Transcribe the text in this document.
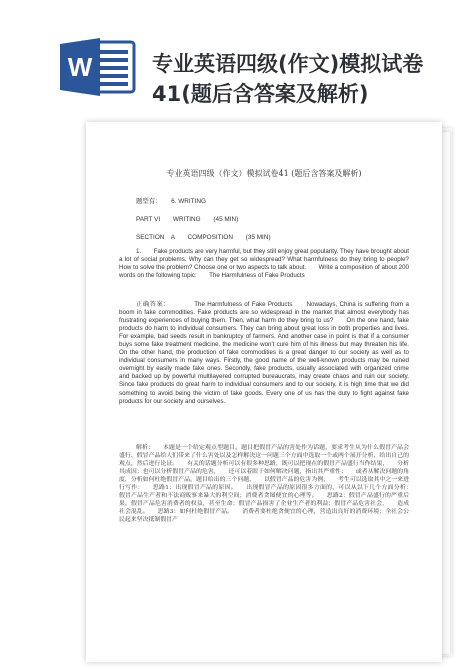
W	专业英语四级(作文)模拟试卷41(题后含答案及解析)
专业英语四级（作文）模拟试卷41 (题后含答案及解析)
题型有：　　6. WRITING
PART VI　　WRITING　　(45 MIN)
SECTION　A　　COMPOSITION　　(35 MIN)

1.　　Fake products are very harmful, but they still enjoy great popularity. They have brought about a lot of social problems. Why can they get so widespread? What harmfulness do they bring to people? How to solve the problem? Choose one or two aspects to talk about.　　Write a composition of about 200 words on the following topic:　　The Harmfulness of Fake Products

正确答案：　　　　The Harmfulness of Fake Products　　Nowadays, China is suffering from a boom in fake commodities. Fake products are so widespread in the market that almost everybody has frustrating experiences of buying them. Then, what harm do they bring to us?　　On the one hand, fake products do harm to individual consumers. They can bring about great loss in both properties and lives. For example, bad seeds result in bankruptcy of farmers. And another case in point is that if a consumer buys some fake treatment medicine, the medicine won't cure him of his illness but may threaten his life. On the other hand, the production of fake commodities is a great danger to our society as well as to individual consumers in many ways. Firstly, the good name of the well-known products may be ruined overnight by easily made fake ones. Secondly, fake products, usually associated with organized crime and backed up by powerful multilayered corrupted bureaucrats, may create chaos and ruin our society.　　Since fake products do great harm to individual consumers and to our society, it is high time that we did something to avoid being the victim of fake goods. Every one of us has the duty to fight against fake products for our society and ourselves.

解析：　　本题是一个给定观点型题目。题目把假冒产品的害处作为话题，要求考生从为什么假冒产品会盛行、假冒产品给人们带来了什么害处以及怎样解决这一问题三个方面中选取一个或两个展开分析，给出自己的观点，然后进行论证。　　有关的话题分析可以有很多种思路，既可以把现在的假冒产品盛行当作结果，　　分析其成因；也可以分析假冒产品的危害，　　还可以着眼于如何解决问题，指出其严重性；　　或者从解决问题的角度，分析如何杜绝假冒产品。题目给出的三个问题，　　以假冒产品的危害为例，　　考生可以选取其中之一来进行写作：　　思路1：出现假冒产品的原因。　　出现假冒产品的原因很多方面的，可以从以下几个方面分析：　　假冒产品生产者和不法商贩寥来暴大的利空间；消费者贪图便宜的心理等。　　思路2：假冒产品盛行的严重后果。假冒产品危害消费者的权益，甚至生命；假冒产品损害了企业生产者的利益；假冒产品危害社会，　　造成社会混乱。　　思路3：如何杜绝假冒产品。　　消费者要杜绝贪便宜的心理，营造出良好的消费环境；全社会公民起来坚决抵制假冒产
